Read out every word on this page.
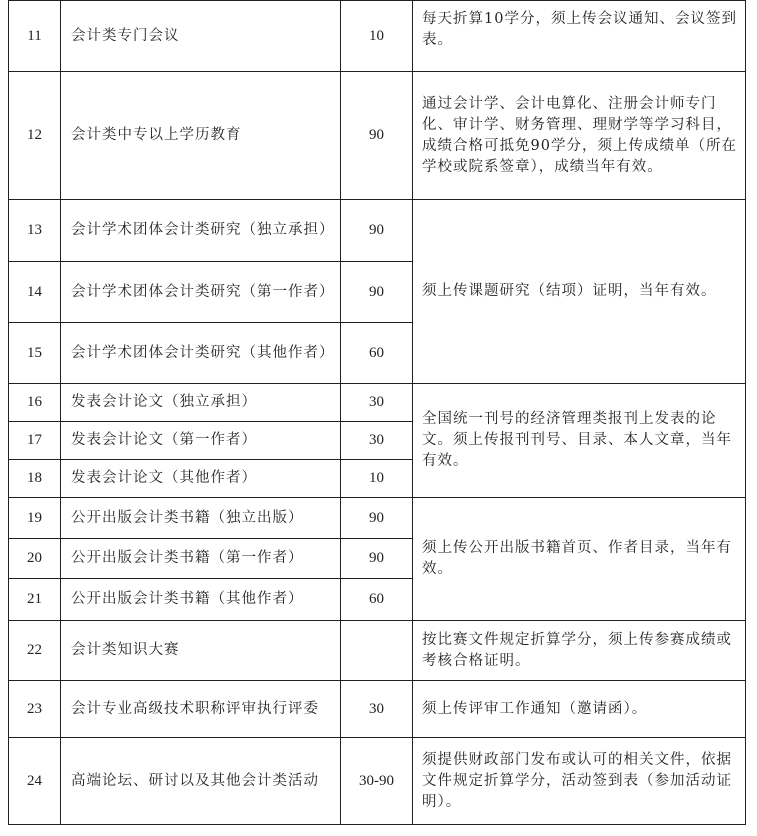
11	会计类专门会议	10	每天折算10学分，须上传会议通知、会议签到表。
12	会计类中专以上学历教育	90	通过会计学、会计电算化、注册会计师专门化、审计学、财务管理、理财学等学习科目，成绩合格可抵免90学分，须上传成绩单（所在学校或院系签章），成绩当年有效。
13	会计学术团体会计类研究（独立承担）	90	须上传课题研究（结项）证明，当年有效。
14	会计学术团体会计类研究（第一作者）	90	
15	会计学术团体会计类研究（其他作者）	60	
16	发表会计论文（独立承担）	30	全国统一刊号的经济管理类报刊上发表的论文。须上传报刊刊号、目录、本人文章，当年有效。
17	发表会计论文（第一作者）	30	
18	发表会计论文（其他作者）	10	
19	公开出版会计类书籍（独立出版）	90	须上传公开出版书籍首页、作者目录，当年有效。
20	公开出版会计类书籍（第一作者）	90	
21	公开出版会计类书籍（其他作者）	60	
22	会计类知识大赛		按比赛文件规定折算学分，须上传参赛成绩或考核合格证明。
23	会计专业高级技术职称评审执行评委	30	须上传评审工作通知（邀请函）。
24	高端论坛、研讨以及其他会计类活动	30-90	须提供财政部门发布或认可的相关文件，依据文件规定折算学分，活动签到表（参加活动证明）。
